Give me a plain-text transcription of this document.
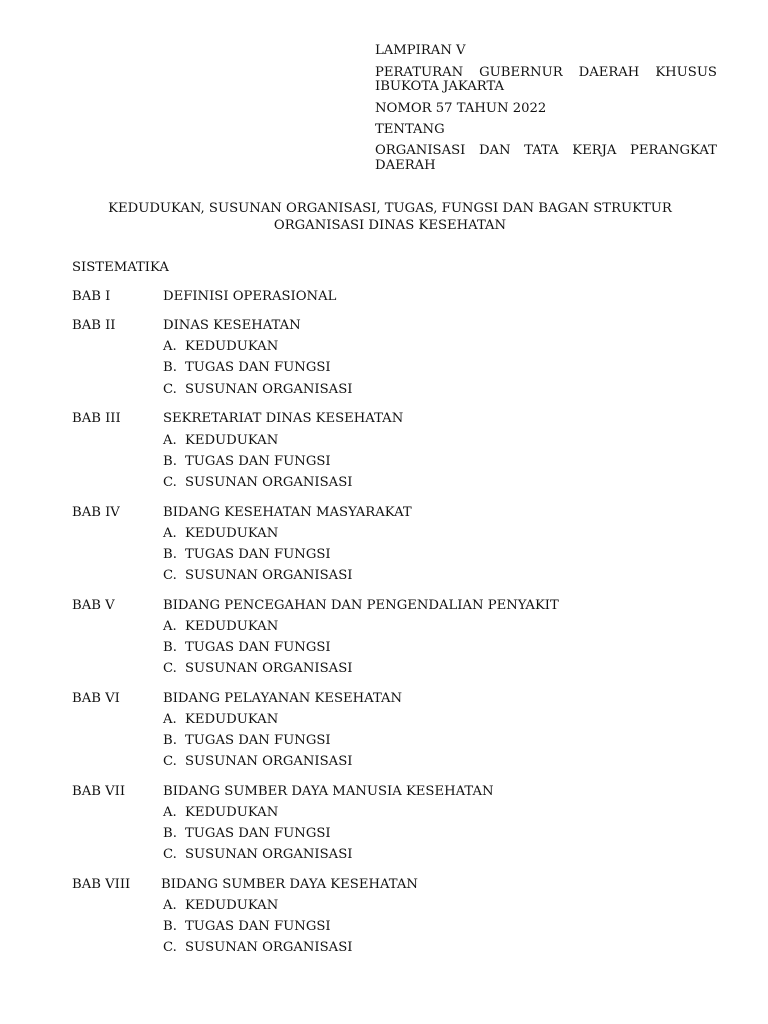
LAMPIRAN V
PERATURAN GUBERNUR DAERAH KHUSUS
IBUKOTA JAKARTA
NOMOR 57 TAHUN 2022
TENTANG
ORGANISASI DAN TATA KERJA PERANGKAT
DAERAH
KEDUDUKAN, SUSUNAN ORGANISASI, TUGAS, FUNGSI DAN BAGAN STRUKTUR
ORGANISASI DINAS KESEHATAN
SISTEMATIKA
BAB I	DEFINISI OPERASIONAL
BAB II	DINAS KESEHATAN
A. KEDUDUKAN
B. TUGAS DAN FUNGSI
C. SUSUNAN ORGANISASI
BAB III	SEKRETARIAT DINAS KESEHATAN
A. KEDUDUKAN
B. TUGAS DAN FUNGSI
C. SUSUNAN ORGANISASI
BAB IV	BIDANG KESEHATAN MASYARAKAT
A. KEDUDUKAN
B. TUGAS DAN FUNGSI
C. SUSUNAN ORGANISASI
BAB V	BIDANG PENCEGAHAN DAN PENGENDALIAN PENYAKIT
A. KEDUDUKAN
B. TUGAS DAN FUNGSI
C. SUSUNAN ORGANISASI
BAB VI	BIDANG PELAYANAN KESEHATAN
A. KEDUDUKAN
B. TUGAS DAN FUNGSI
C. SUSUNAN ORGANISASI
BAB VII	BIDANG SUMBER DAYA MANUSIA KESEHATAN
A. KEDUDUKAN
B. TUGAS DAN FUNGSI
C. SUSUNAN ORGANISASI
BAB VIII BIDANG SUMBER DAYA KESEHATAN
A. KEDUDUKAN
B. TUGAS DAN FUNGSI
C. SUSUNAN ORGANISASI
